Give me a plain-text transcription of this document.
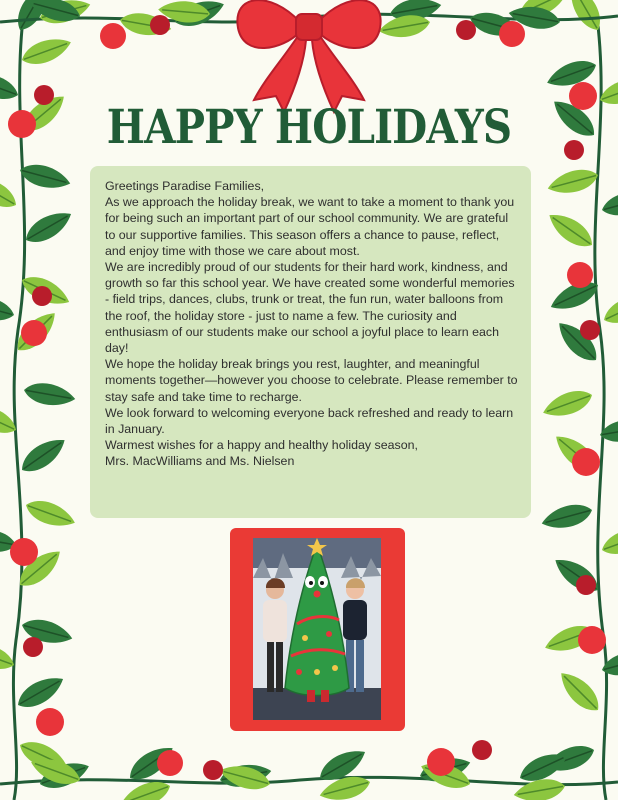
HAPPY HOLIDAYS

Greetings Paradise Families,

As we approach the holiday break, we want to take a moment to thank you for being such an important part of our school community. We are grateful to our supportive families. This season offers a chance to pause, reflect, and enjoy time with those we care about most.

We are incredibly proud of our students for their hard work, kindness, and growth so far this school year. We have created some wonderful memories - field trips, dances, clubs, trunk or treat, the fun run, water balloons from the roof, the holiday store - just to name a few. The curiosity and enthusiasm of our students make our school a joyful place to learn each day!

We hope the holiday break brings you rest, laughter, and meaningful moments together—however you choose to celebrate. Please remember to stay safe and take time to recharge.

We look forward to welcoming everyone back refreshed and ready to learn in January.

Warmest wishes for a happy and healthy holiday season,

Mrs. MacWilliams and Ms. Nielsen
